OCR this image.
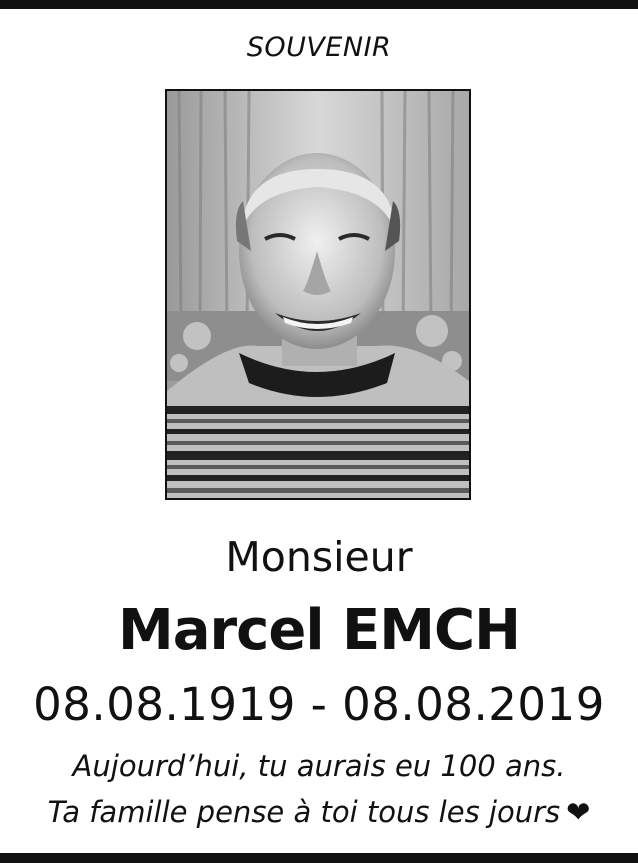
SOUVENIR
Monsieur
Marcel EMCH
08.08.1919 - 08.08.2019
Aujourd’hui, tu aurais eu 100 ans.
Ta famille pense à toi tous les jours ❤
